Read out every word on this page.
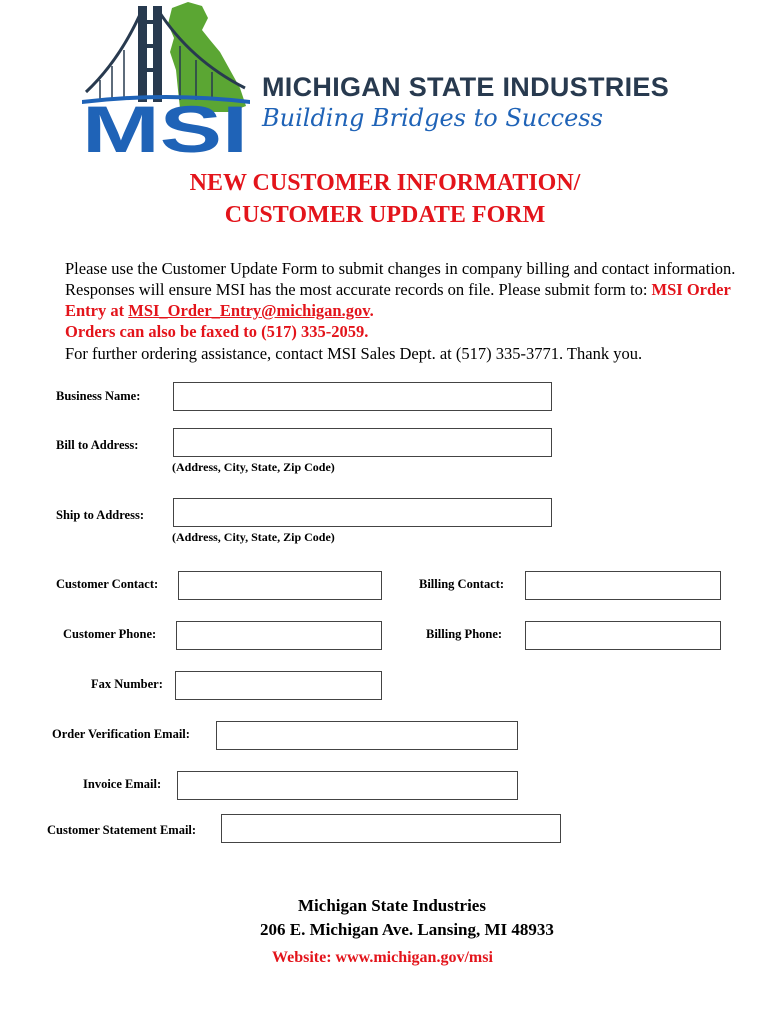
MSI
MICHIGAN STATE INDUSTRIES
Building Bridges to Success
NEW CUSTOMER INFORMATION/
CUSTOMER UPDATE FORM
Please use the Customer Update Form to submit changes in company billing and contact information. Responses will ensure MSI has the most accurate records on file. Please submit form to: MSI Order Entry at MSI_Order_Entry@michigan.gov.
Orders can also be faxed to (517) 335-2059.
For further ordering assistance, contact MSI Sales Dept. at (517) 335-3771. Thank you.
Business Name:
Bill to Address:
(Address, City, State, Zip Code)
Ship to Address:
(Address, City, State, Zip Code)
Customer Contact:	Billing Contact:
Customer Phone:	Billing Phone:
Fax Number:
Order Verification Email:
Invoice Email:
Customer Statement Email:
Michigan State Industries
206 E. Michigan Ave. Lansing, MI 48933
Website: www.michigan.gov/msi
